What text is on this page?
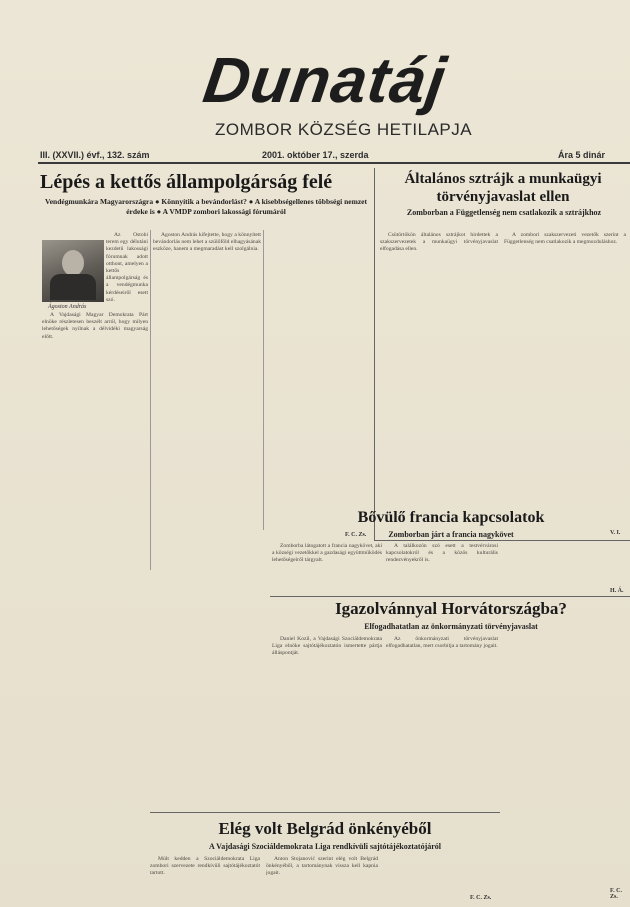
Dunatáj
ZOMBOR KÖZSÉG HETILAPJA
III. (XXVII.) évf., 132. szám	2001. október 17., szerda	Ára 5 dinár
Lépés a kettős állampolgárság felé
Vendégmunkára Magyarországra ● Könnyítik a bevándorlást? ● A kisebbségellenes többségi nemzet érdeke is ● A VMDP zombori lakossági fórumáról
Ágoston András

Az Ostobi terem egy délutáni kezdetű lakossági fórumnak adott otthont, amelyen a kettős állampolgárság és a vendégmunka kérdéseiről esett szó.

A Vajdasági Magyar Demokrata Párt elnöke részletesen beszélt arról, hogy milyen lehetőségek nyílnak a délvidéki magyarság előtt.

Ágoston András kifejtette, hogy a könnyített bevándorlás nem lehet a szülőföld elhagyásának eszköze, hanem a megmaradást kell szolgálnia.

F. C. Zs.
Általános sztrájk a munkaügyi törvényjavaslat ellen
Zomborban a Függetlenség nem csatlakozik a sztrájkhoz

Csütörtökön általános sztrájkot hirdettek a szakszervezetek a munkaügyi törvényjavaslat elfogadása ellen.

A zombori szakszervezeti vezetők szerint a Függetlenség nem csatlakozik a megmozduláshoz.

V. I.
Bővülő francia kapcsolatok
Zomborban járt a francia nagykövet

Zomborba látogatott a francia nagykövet, aki a községi vezetőkkel a gazdasági együttműködés lehetőségeiről tárgyalt.

A találkozón szó esett a testvérvárosi kapcsolatokról és a közös kulturális rendezvényekről is.

H. Á.
Igazolvánnyal Horvátországba?
Elfogadhatatlan az önkormányzati törvényjavaslat

Daniel Kozil, a Vajdasági Szociáldemokrata Liga elnöke sajtótájékoztatón ismertette pártja álláspontját.

Az önkormányzati törvényjavaslat elfogadhatatlan, mert csorbítja a tartomány jogait.

F. C. Zs.
Elég volt Belgrád önkényéből
A Vajdasági Szociáldemokrata Liga rendkívüli sajtótájékoztatójáról

Múlt kedden a Szociáldemokrata Liga zombori szervezete rendkívüli sajtótájékoztatót tartott.

Anton Stojanović szerint elég volt Belgrád önkényéből, a tartománynak vissza kell kapnia jogait.

F. C. Zs.
